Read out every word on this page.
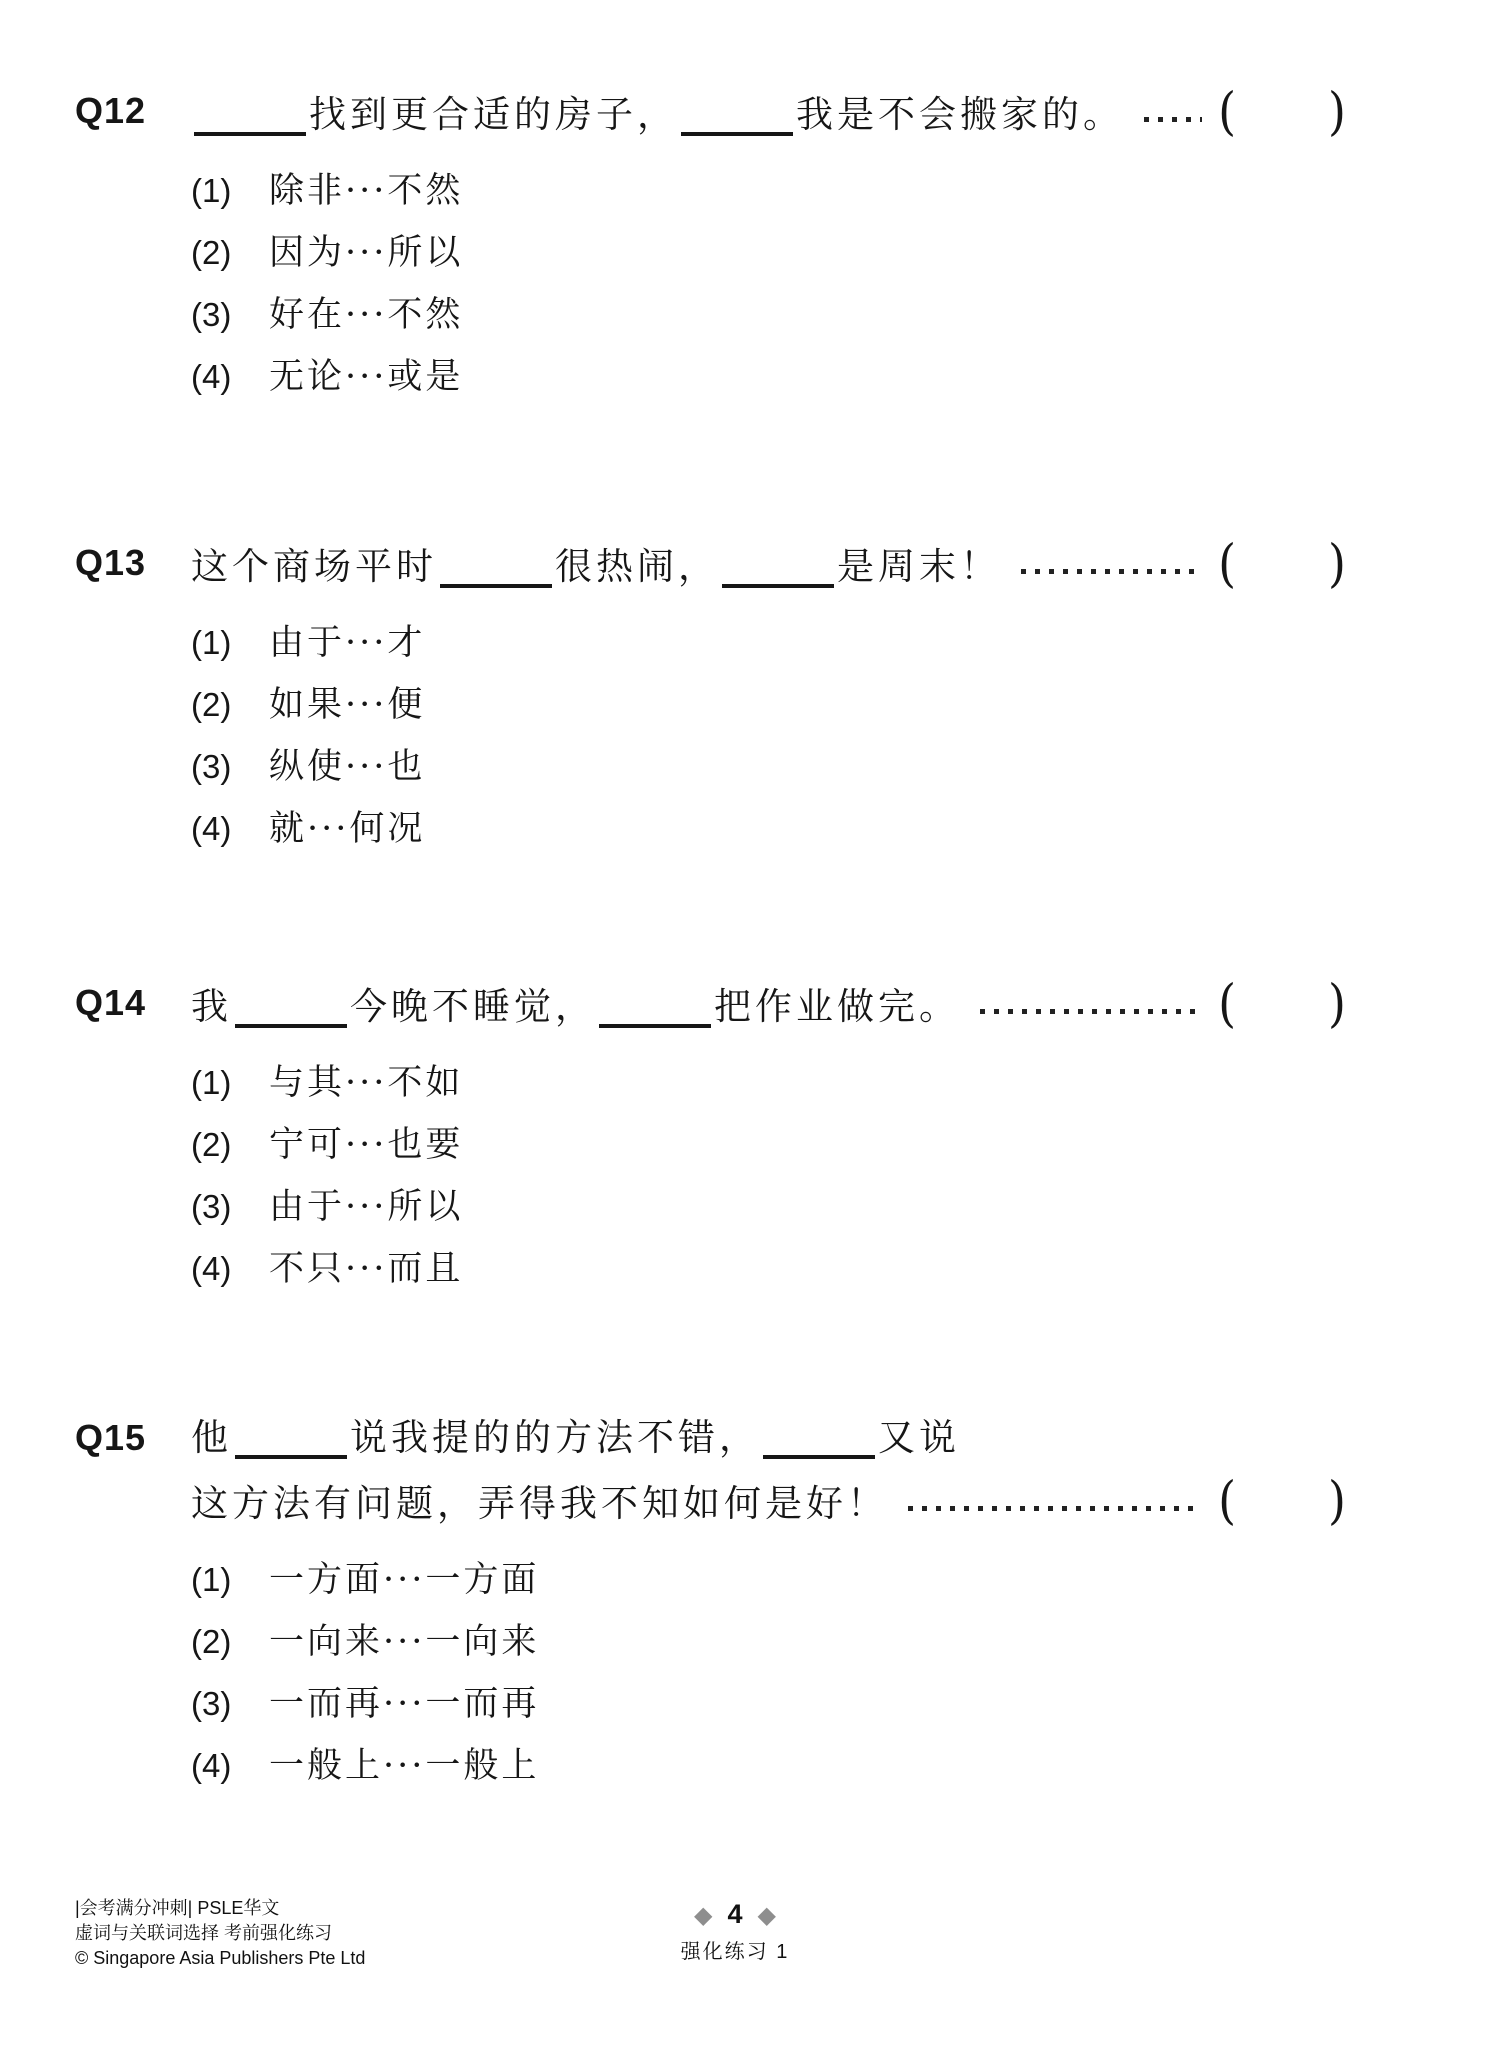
Q12	找到更合适的房子，	我是不会搬家的。 ( )
(1)	除非···不然
(2)	因为···所以
(3)	好在···不然
(4)	无论···或是
Q13	这个商场平时	很热闹，	是周末！	( )
(1)	由于···才
(2)	如果···便
(3)	纵使···也
(4)	就···何况
Q14	我	今晚不睡觉，	把作业做完。	( )
(1)	与其···不如
(2)	宁可···也要
(3)	由于···所以
(4)	不只···而且
Q15	他	说我提的的方法不错，	又说
这方法有问题，弄得我不知如何是好！	( )
(1)	一方面···一方面
(2)	一向来···一向来
(3)	一而再···一而再
(4)	一般上···一般上
|会考满分冲刺| PSLE华文
虚词与关联词选择 考前强化练习
© Singapore Asia Publishers Pte Ltd
◆ 4 ◆
强化练习 1
